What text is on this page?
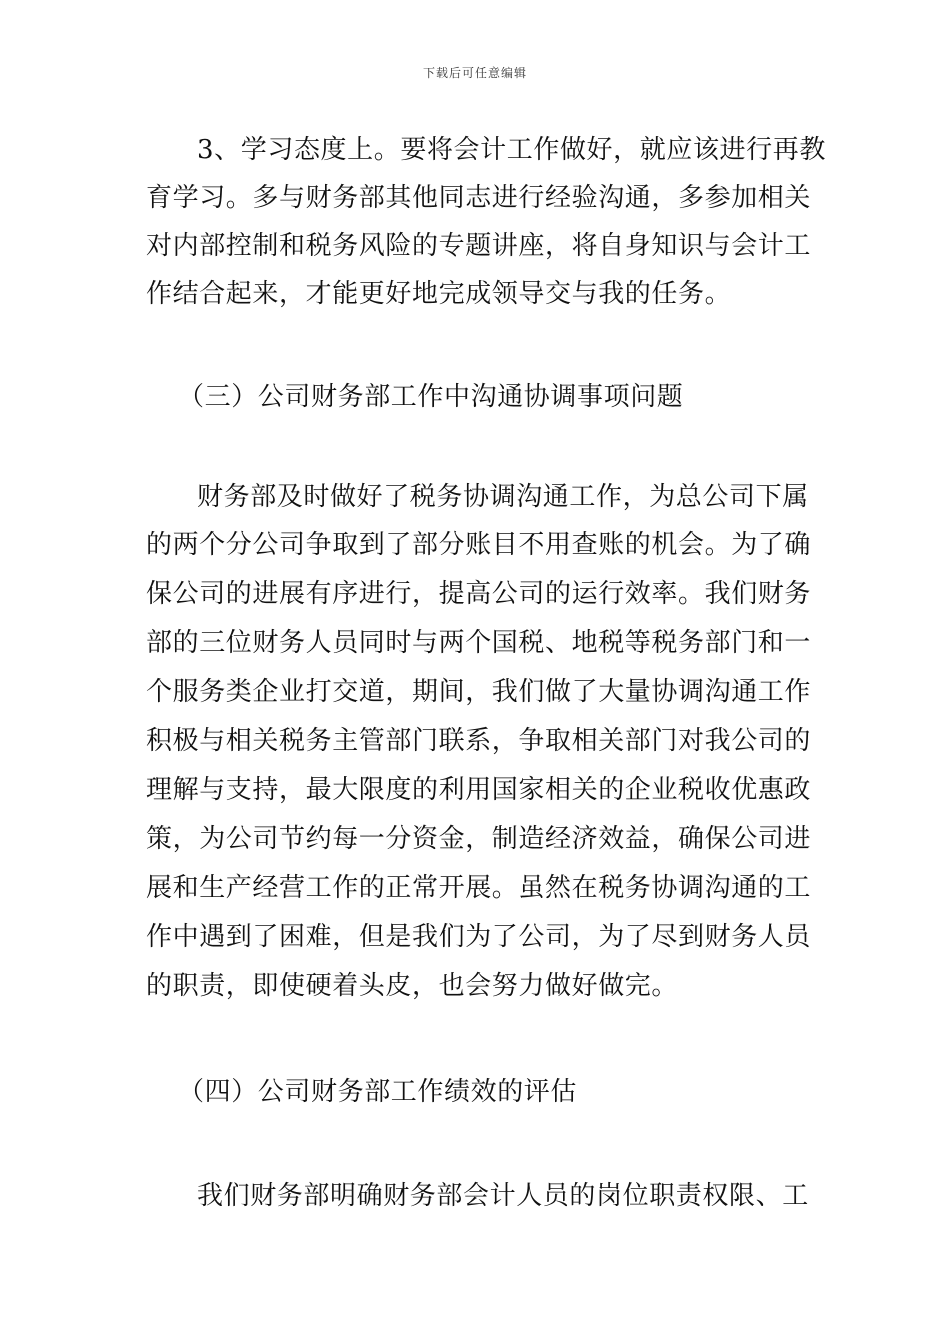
下载后可任意编辑

3、学习态度上。要将会计工作做好，就应该进行再教

育学习。多与财务部其他同志进行经验沟通，多参加相关

对内部控制和税务风险的专题讲座，将自身知识与会计工

作结合起来，才能更好地完成领导交与我的任务。

（三）公司财务部工作中沟通协调事项问题

财务部及时做好了税务协调沟通工作，为总公司下属

的两个分公司争取到了部分账目不用查账的机会。为了确

保公司的进展有序进行，提高公司的运行效率。我们财务

部的三位财务人员同时与两个国税、地税等税务部门和一

个服务类企业打交道，期间，我们做了大量协调沟通工作

积极与相关税务主管部门联系，争取相关部门对我公司的

理解与支持，最大限度的利用国家相关的企业税收优惠政

策，为公司节约每一分资金，制造经济效益，确保公司进

展和生产经营工作的正常开展。虽然在税务协调沟通的工

作中遇到了困难，但是我们为了公司，为了尽到财务人员

的职责，即使硬着头皮，也会努力做好做完。

（四）公司财务部工作绩效的评估

我们财务部明确财务部会计人员的岗位职责权限、工
